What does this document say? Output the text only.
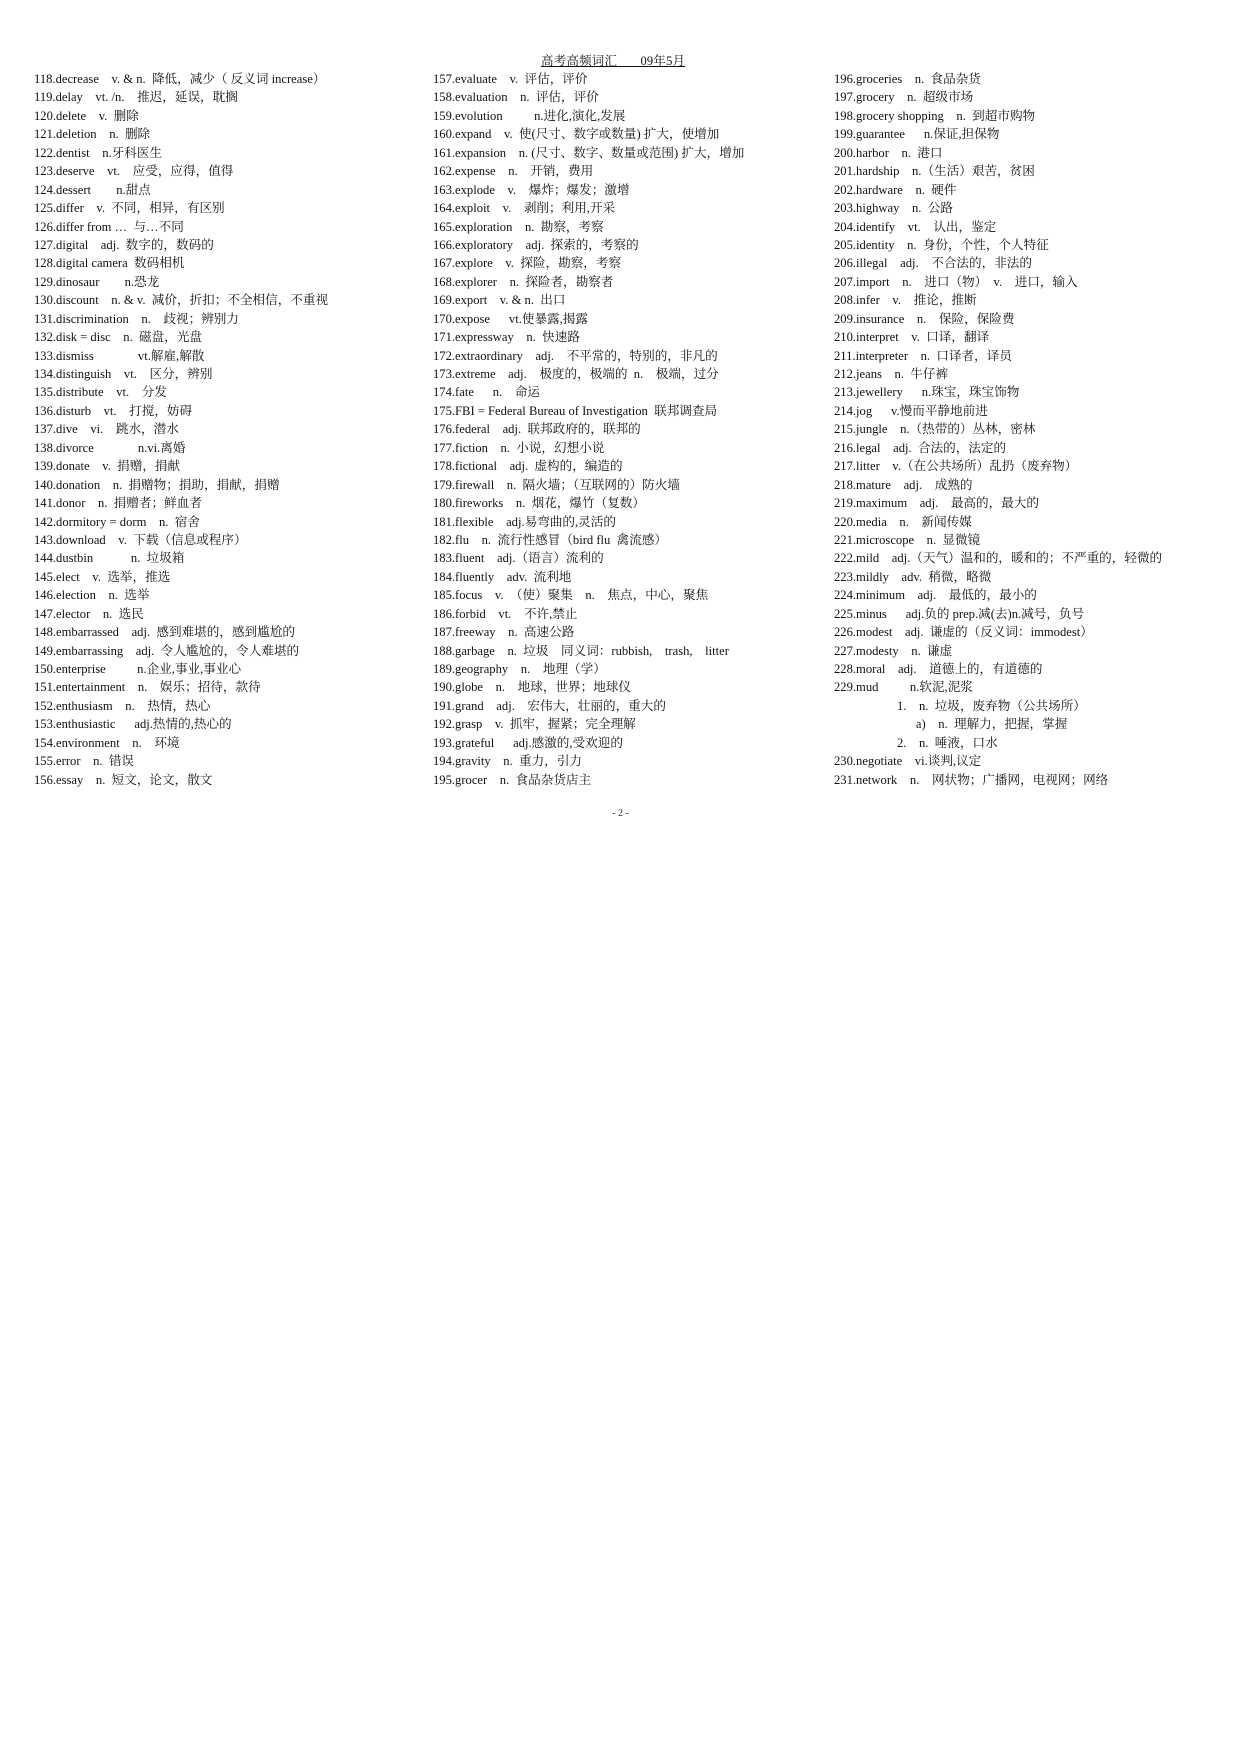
高考高频词汇 09年5月
118.decrease    v. & n.  降低，减少（ 反义词 increase）
119.delay    vt. /n.    推迟，延误，耽搁
120.delete    v.  删除
121.deletion    n.  删除
122.dentist    n.牙科医生
123.deserve    vt.    应受，应得，值得
124.dessert        n.甜点
125.differ    v.  不同，相异，有区别
126.differ from …  与…不同
127.digital    adj.  数字的，数码的
128.digital camera  数码相机
129.dinosaur        n.恐龙
130.discount    n. & v.  减价，折扣；不全相信，不重视
131.discrimination    n.    歧视；辨别力
132.disk = disc    n.  磁盘，光盘
133.dismiss              vt.解雇,解散
134.distinguish    vt.    区分，辨别
135.distribute    vt.    分发
136.disturb    vt.    打搅，妨碍
137.dive    vi.    跳水，潜水
138.divorce              n.vi.离婚
139.donate    v.  捐赠，捐献
140.donation    n.  捐赠物；捐助，捐献，捐赠
141.donor    n.  捐赠者；鲜血者
142.dormitory = dorm    n.  宿舍
143.download    v.  下载（信息或程序）
144.dustbin            n.  垃圾箱
145.elect    v.  选举，推选
146.election    n.  选举
147.elector    n.  选民
148.embarrassed    adj.  感到难堪的，感到尴尬的
149.embarrassing    adj.  令人尴尬的，令人难堪的
150.enterprise          n.企业,事业,事业心
151.entertainment    n.    娱乐；招待，款待
152.enthusiasm    n.    热情，热心
153.enthusiastic      adj.热情的,热心的
154.environment    n.    环境
155.error    n.  错误
156.essay    n.  短文，论文，散文
157.evaluate    v.  评估，评价
158.evaluation    n.  评估，评价
159.evolution          n.进化,演化,发展
160.expand    v.  使(尺寸、数字或数量) 扩大，使增加
161.expansion    n. (尺寸、数字、数量或范围) 扩大，增加
162.expense    n.    开销，费用
163.explode    v.    爆炸；爆发；激增
164.exploit    v.    剥削；利用,开采
165.exploration    n.  勘察，考察
166.exploratory    adj.  探索的，考察的
167.explore    v.  探险，勘察，考察
168.explorer    n.  探险者，勘察者
169.export    v. & n.  出口
170.expose      vt.使暴露,揭露
171.expressway    n.  快速路
172.extraordinary    adj.    不平常的，特别的，非凡的
173.extreme    adj.    极度的，极端的  n.    极端，过分
174.fate      n.    命运
175.FBI = Federal Bureau of Investigation  联邦调查局
176.federal    adj.  联邦政府的，联邦的
177.fiction    n.  小说，幻想小说
178.fictional    adj.  虚构的，编造的
179.firewall    n.  隔火墙；（互联网的）防火墙
180.fireworks    n.  烟花，爆竹（复数）
181.flexible    adj.易弯曲的,灵活的
182.flu    n.  流行性感冒（bird flu  禽流感）
183.fluent    adj.（语言）流利的
184.fluently    adv.  流利地
185.focus    v.  （使）聚集    n.    焦点，中心，聚焦
186.forbid    vt.    不许,禁止
187.freeway    n.  高速公路
188.garbage    n.  垃圾    同义词：rubbish,    trash,    litter
189.geography    n.    地理（学）
190.globe    n.    地球，世界；地球仪
191.grand    adj.    宏伟大，壮丽的，重大的
192.grasp    v.  抓牢，握紧；完全理解
193.grateful      adj.感激的,受欢迎的
194.gravity    n.  重力，引力
195.grocer    n.  食品杂货店主
196.groceries    n.  食品杂货
197.grocery    n.  超级市场
198.grocery shopping    n.  到超市购物
199.guarantee      n.保证,担保物
200.harbor    n.  港口
201.hardship    n.（生活）艰苦，贫困
202.hardware    n.  硬件
203.highway    n.  公路
204.identify    vt.    认出，鉴定
205.identity    n.  身份，个性，个人特征
206.illegal    adj.    不合法的，非法的
207.import    n.    进口（物）  v.    进口，输入
208.infer    v.    推论，推断
209.insurance    n.    保险，保险费
210.interpret    v.  口译，翻译
211.interpreter    n.  口译者，译员
212.jeans    n.  牛仔裤
213.jewellery      n.珠宝，珠宝饰物
214.jog      v.慢而平静地前进
215.jungle    n.（热带的）丛林，密林
216.legal    adj.  合法的，法定的
217.litter    v.（在公共场所）乱扔（废弃物）
218.mature    adj.    成熟的
219.maximum    adj.    最高的，最大的
220.media    n.    新闻传媒
221.microscope    n.  显微镜
222.mild    adj.（天气）温和的，暖和的；不严重的，轻微的
223.mildly    adv.  稍微，略微
224.minimum    adj.    最低的，最小的
225.minus      adj.负的 prep.减(去)n.减号，负号
226.modest    adj.  谦虚的（反义词：immodest）
227.modesty    n.  谦虚
228.moral    adj.    道德上的，有道德的
229.mud          n.软泥,泥浆
1.    n.  垃圾，废弃物（公共场所）
a)    n.  理解力，把握，掌握
2.    n.  唾液，口水
230.negotiate    vi.谈判,议定
231.network    n.    网状物；广播网，电视网；网络
- 2 -
